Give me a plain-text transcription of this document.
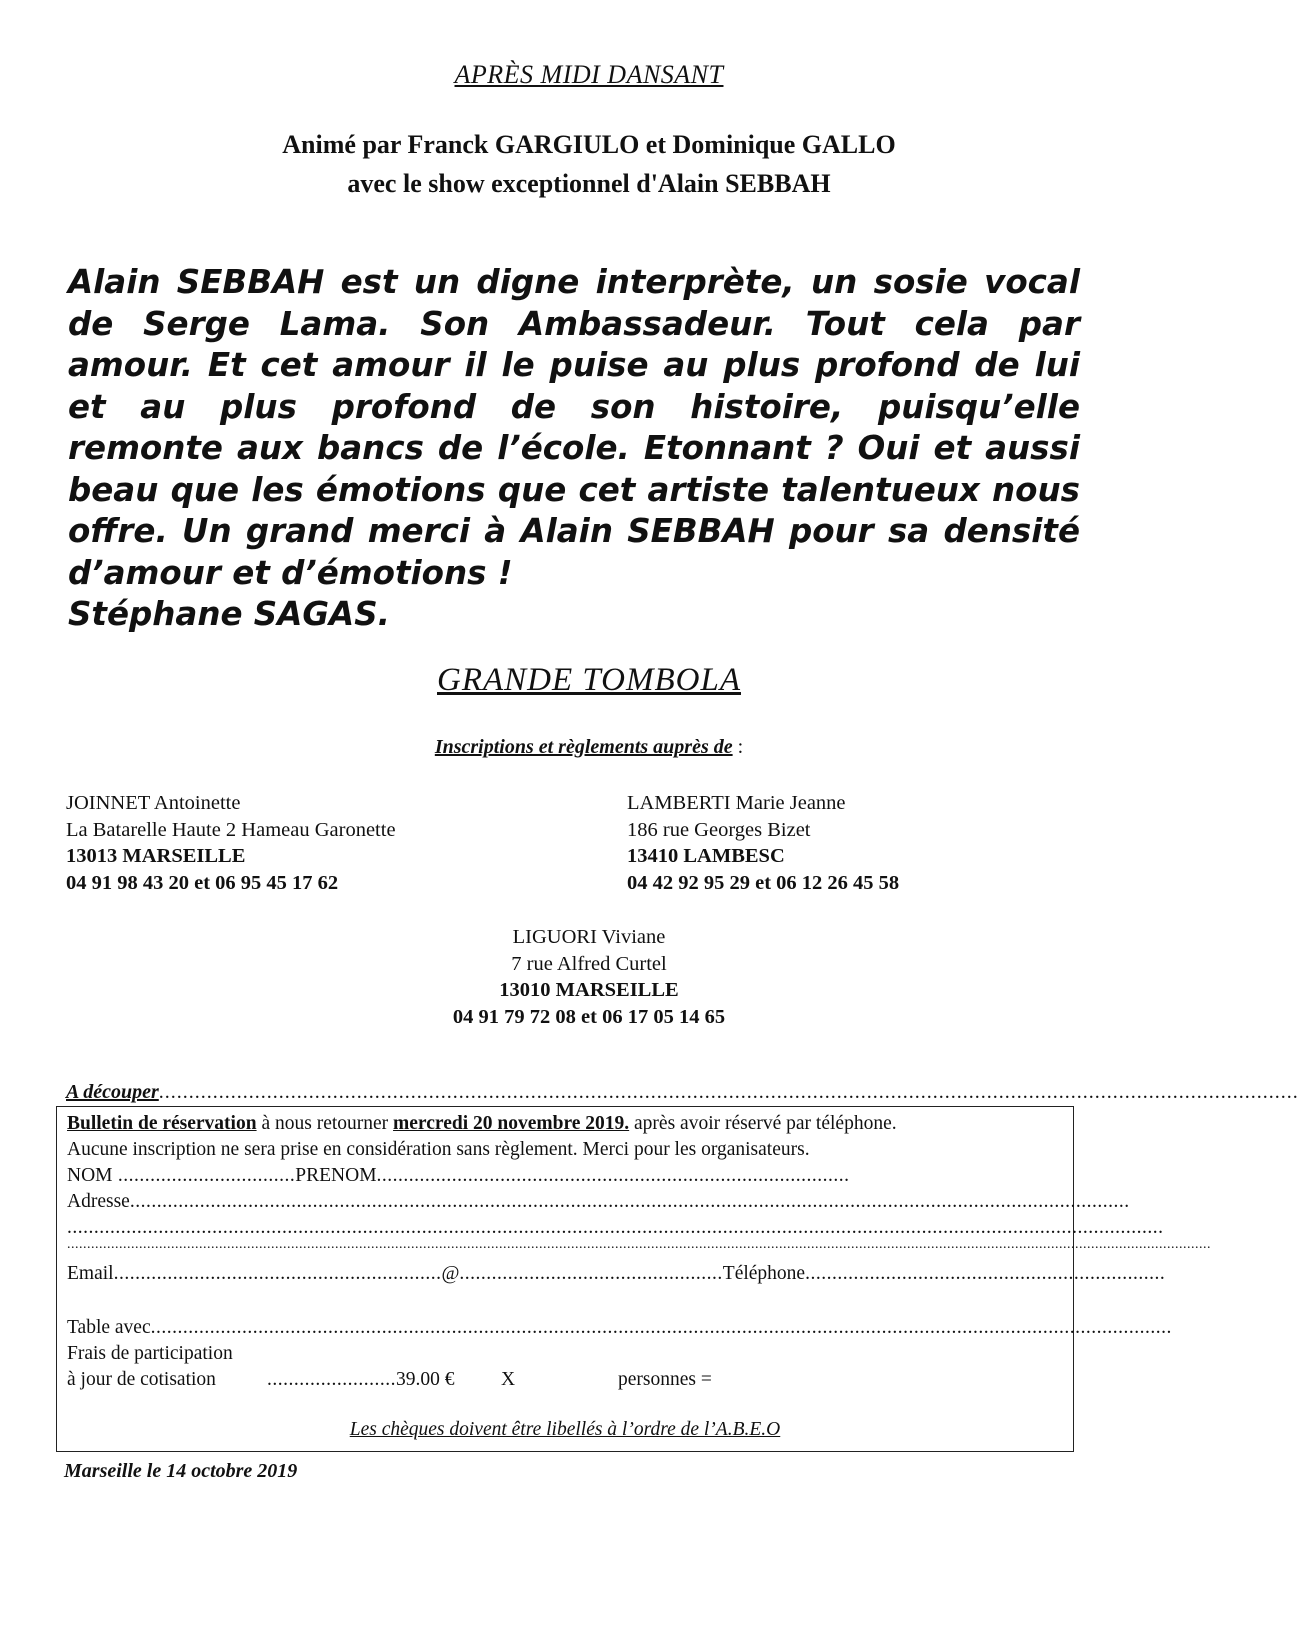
APRÈS MIDI DANSANT
Animé par Franck GARGIULO et Dominique GALLO
avec le show exceptionnel d'Alain SEBBAH
Alain SEBBAH est un digne interprète, un sosie vocal de Serge Lama. Son Ambassadeur. Tout cela par amour. Et cet amour il le puise au plus profond de lui et au plus profond de son histoire, puisqu’elle remonte aux bancs de l’école. Etonnant ? Oui et aussi beau que les émotions que cet artiste talentueux nous offre. Un grand merci à Alain SEBBAH pour sa densité d’amour et d’émotions !
Stéphane SAGAS.
GRANDE TOMBOLA
Inscriptions et règlements auprès de :
JOINNET Antoinette
La Batarelle Haute 2 Hameau Garonette
13013 MARSEILLE
04 91 98 43 20 et 06 95 45 17 62
LAMBERTI Marie Jeanne
186 rue Georges Bizet
13410 LAMBESC
04 42 92 95 29 et 06 12 26 45 58
LIGUORI Viviane
7 rue Alfred Curtel
13010 MARSEILLE
04 91 79 72 08 et 06 17 05 14 65
A découper..............................................................................................................................................................................................
Bulletin de réservation à nous retourner mercredi 20 novembre 2019. après avoir réservé par téléphone.
Aucune inscription ne sera prise en considération sans règlement. Merci pour les organisateurs.
NOM .................................PRENOM........................................................................................
Adresse..........................................................................................................................................................................................
............................................................................................................................................................................................................
..............................................................................................................................................................................................................................................................................................
Email.............................................................@.................................................Téléphone...................................................................
Table avec..............................................................................................................................................................................................
Frais de participation
à jour de cotisation	........................39.00 € X	personnes =
Les chèques doivent être libellés à l’ordre de l’A.B.E.O
Marseille le 14 octobre 2019
